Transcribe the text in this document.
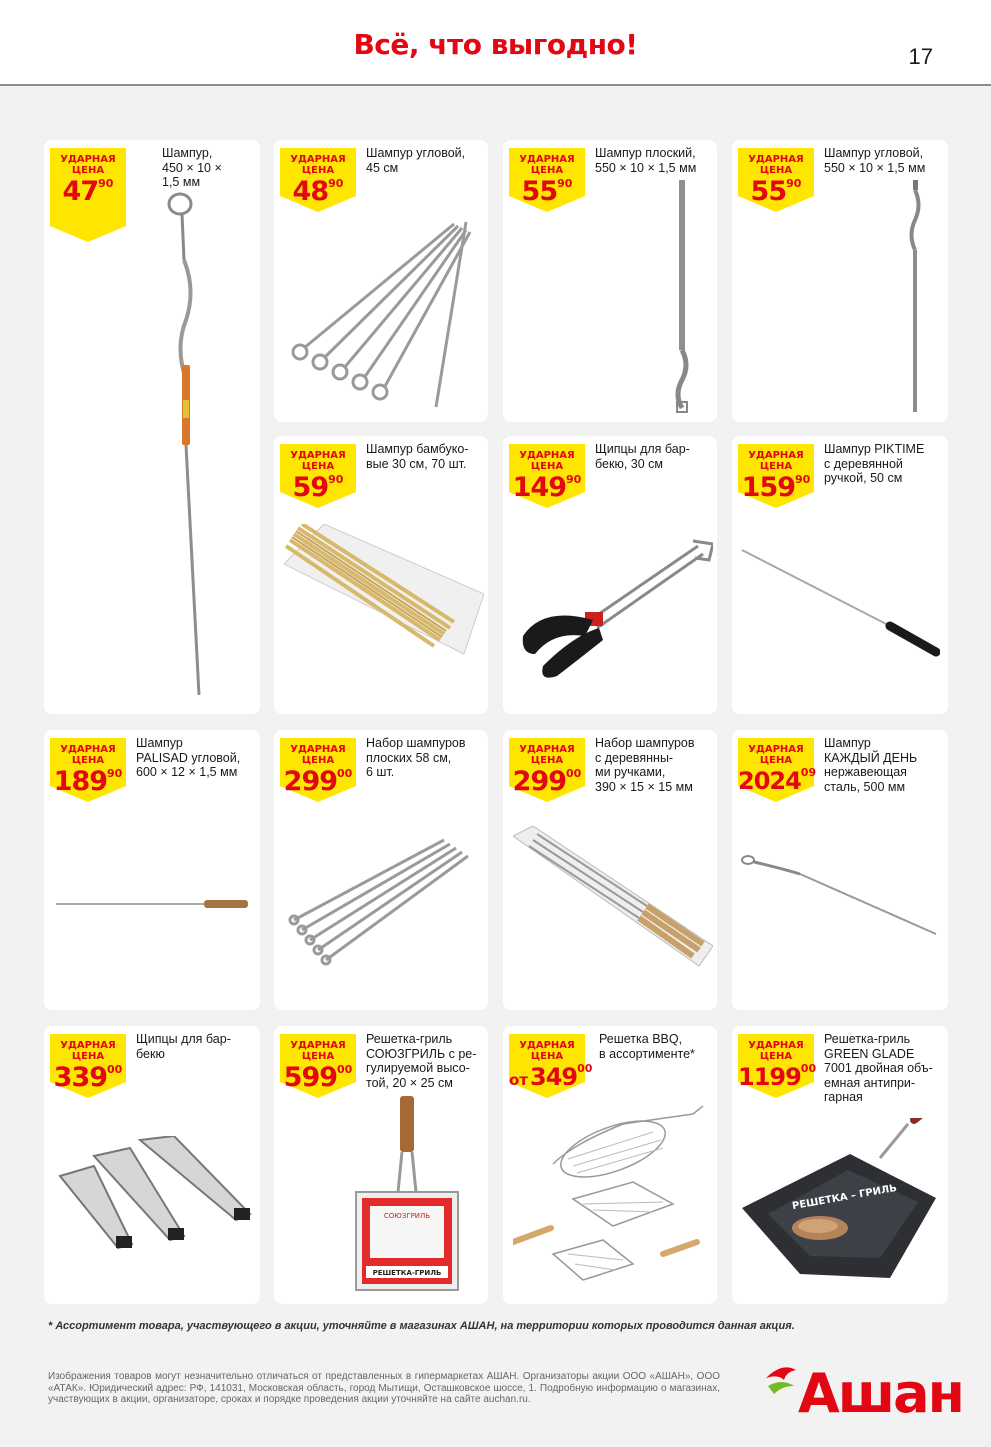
Всё, что выгодно!	17
УДАРНАЯ
ЦЕНА
$47^{90}$
Шампур,
450 × 10 ×
1,5 мм
УДАРНАЯ
ЦЕНА
$48^{90}$
Шампур угловой,
45 см
УДАРНАЯ
ЦЕНА
$55^{90}$
Шампур плоский,
550 × 10 × 1,5 мм
УДАРНАЯ
ЦЕНА
$55^{90}$
Шампур угловой,
550 × 10 × 1,5 мм
УДАРНАЯ
ЦЕНА
$59^{90}$
Шампур бамбуко-
вые 30 см, 70 шт.
УДАРНАЯ
ЦЕНА
$149^{90}$
Щипцы для бар-
бекю, 30 см
УДАРНАЯ
ЦЕНА
$159^{90}$
Шампур PIKTIME
с деревянной
ручкой, 50 см
УДАРНАЯ
ЦЕНА
$189^{90}$
Шампур
PALISAD угловой,
600 × 12 × 1,5 мм
УДАРНАЯ
ЦЕНА
$299^{00}$
Набор шампуров
плоских 58 см,
6 шт.
УДАРНАЯ
ЦЕНА
$299^{00}$
Набор шампуров
с деревянны-
ми ручками,
390 × 15 × 15 мм
УДАРНАЯ
ЦЕНА
2024$^{09}$
Шампур
КАЖДЫЙ ДЕНЬ
нержавеющая
сталь, 500 мм
УДАРНАЯ
ЦЕНА
$339^{00}$
Щипцы для бар-
бекю
УДАРНАЯ
ЦЕНА
$599^{00}$
Решетка-гриль
СОЮЗГРИЛЬ с ре-
гулируемой высо-
той, 20 × 25 см
СОЮЗГРИЛЬ
РЕШЕТКА-ГРИЛЬ
УДАРНАЯ
ЦЕНА
$от349^{00}$
Решетка BBQ,
в ассортименте*
УДАРНАЯ
ЦЕНА
1199$^{00}$
Решетка-гриль
GREEN GLADE
7001 двойная объ-
емная антипри-
гарная
РЕШЕТКА – ГРИЛЬ
* Ассортимент товара, участвующего в акции, уточняйте в магазинах АШАН, на территории которых проводится данная акция.
Изображения товаров могут незначительно отличаться от представленных в гипермаркетах АШАН. Организаторы акции ООО «АШАН», ООО «АТАК». Юридический адрес: РФ, 141031, Московская область, город Мытищи, Осташковское шоссе, 1. Подробную информацию о магазинах, участвующих в акции, организаторе, сроках и порядке проведения акции уточняйте на сайте auchan.ru.	Ашан
